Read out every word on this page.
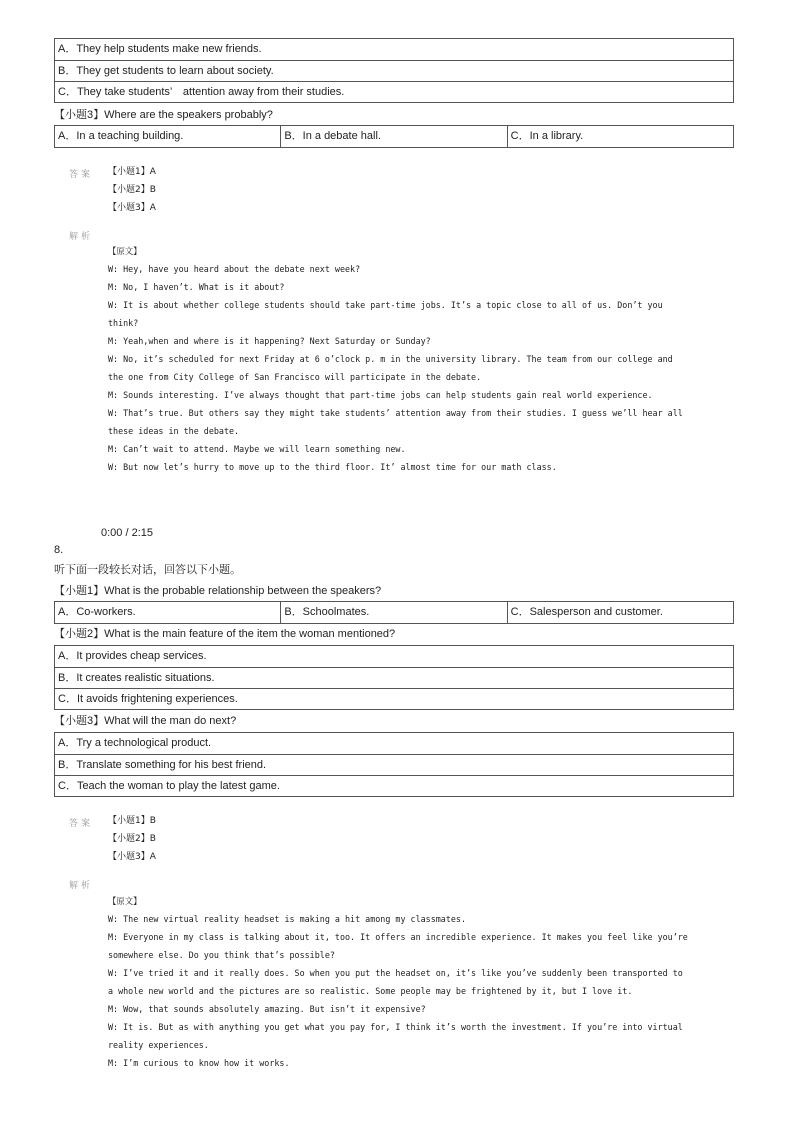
A．They help students make new friends.
B．They get students to learn about society.
C．They take students’　attention away from their studies.
【小题3】Where are the speakers probably?
A．In a teaching building.	B．In a debate hall.	C．In a library.
答案 【小题1】A
【小题2】B
【小题3】A
解析
【原文】
W: Hey, have you heard about the debate next week?
M: No, I haven’t. What is it about?
W: It is about whether college students should take part-time jobs. It’s a topic close to all of us. Don’t you
think?
M: Yeah,when and where is it happening? Next Saturday or Sunday?
W: No, it’s scheduled for next Friday at 6 o’clock p. m in the university library. The team from our college and
the one from City College of San Francisco will participate in the debate.
M: Sounds interesting. I’ve always thought that part-time jobs can help students gain real world experience.
W: That’s true. But others say they might take students’ attention away from their studies. I guess we’ll hear all
these ideas in the debate.
M: Can’t wait to attend. Maybe we will learn something new.
W: But now let’s hurry to move up to the third floor. It’ almost time for our math class.
0:00 / 2:15
8.
听下面一段较长对话，回答以下小题。
【小题1】What is the probable relationship between the speakers?
A．Co-workers.	B．Schoolmates.	C．Salesperson and customer.
【小题2】What is the main feature of the item the woman mentioned?
A．It provides cheap services.
B．It creates realistic situations.
C．It avoids frightening experiences.
【小题3】What will the man do next?
A．Try a technological product.
B．Translate something for his best friend.
C．Teach the woman to play the latest game.
答案 【小题1】B
【小题2】B
【小题3】A
解析
【原文】
W: The new virtual reality headset is making a hit among my classmates.
M: Everyone in my class is talking about it, too. It offers an incredible experience. It makes you feel like you’re
somewhere else. Do you think that’s possible?
W: I’ve tried it and it really does. So when you put the headset on, it’s like you’ve suddenly been transported to
a whole new world and the pictures are so realistic. Some people may be frightened by it, but I love it.
M: Wow, that sounds absolutely amazing. But isn’t it expensive?
W: It is. But as with anything you get what you pay for, I think it’s worth the investment. If you’re into virtual
reality experiences.
M: I’m curious to know how it works.
